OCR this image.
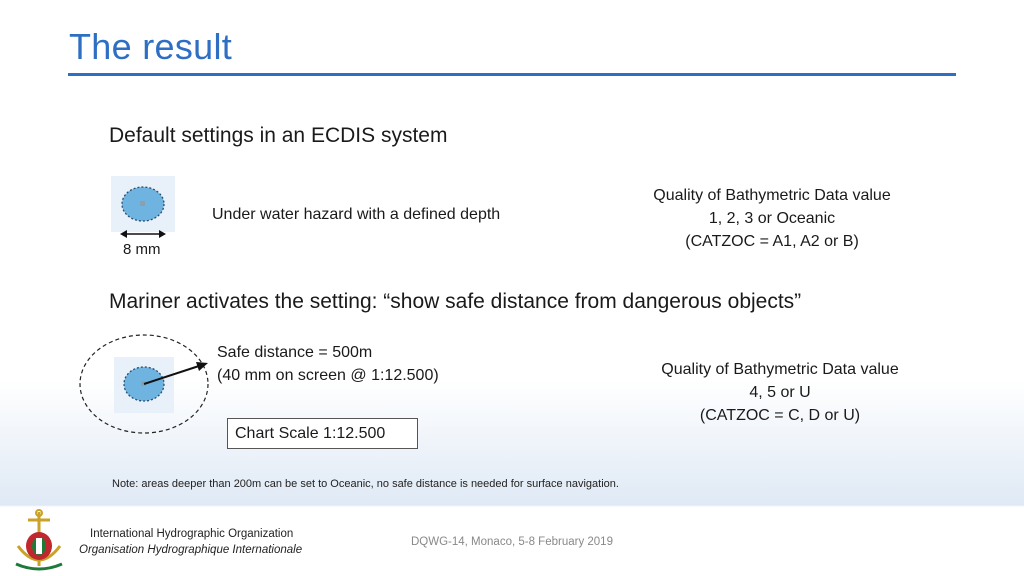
The result
Default settings in an ECDIS system
8 mm
Under water hazard with a defined depth
Quality of Bathymetric Data value
1, 2, 3 or Oceanic
(CATZOC = A1, A2 or B)
Mariner activates the setting: “show safe distance from dangerous objects”
Safe distance = 500m
(40 mm on screen @ 1:12.500)	Quality of Bathymetric Data value
4, 5 or U
(CATZOC = C, D or U)
Chart Scale 1:12.500
Note: areas deeper than 200m can be set to Oceanic, no safe distance is needed for surface navigation.
International Hydrographic Organization
Organisation Hydrographique Internationale
DQWG-14, Monaco, 5-8 February 2019
